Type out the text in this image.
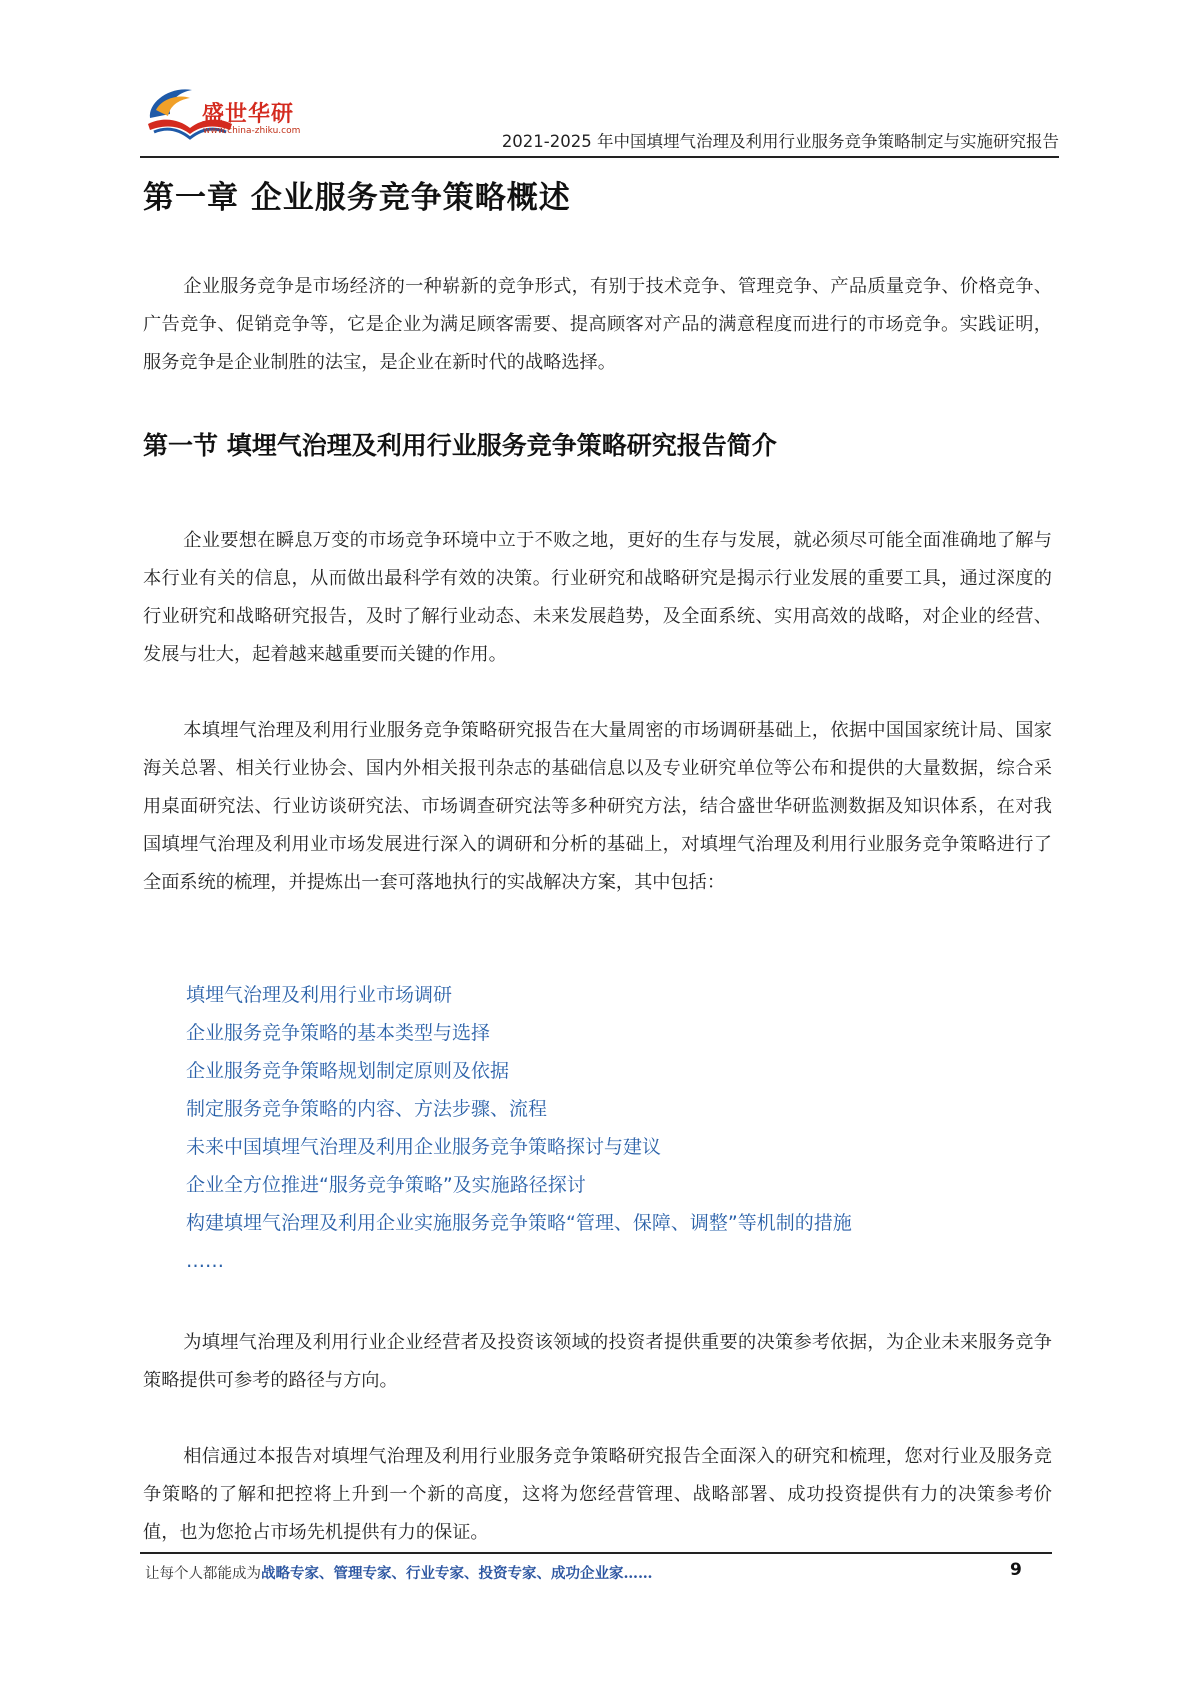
盛世华研
www.china-zhiku.com
2021-2025 年中国填埋气治理及利用行业服务竞争策略制定与实施研究报告
第一章 企业服务竞争策略概述

企业服务竞争是市场经济的一种崭新的竞争形式，有别于技术竞争、管理竞争、产品质量竞争、价格竞争、广告竞争、促销竞争等，它是企业为满足顾客需要、提高顾客对产品的满意程度而进行的市场竞争。实践证明，服务竞争是企业制胜的法宝，是企业在新时代的战略选择。

第一节 填埋气治理及利用行业服务竞争策略研究报告简介

企业要想在瞬息万变的市场竞争环境中立于不败之地，更好的生存与发展，就必须尽可能全面准确地了解与本行业有关的信息，从而做出最科学有效的决策。行业研究和战略研究是揭示行业发展的重要工具，通过深度的行业研究和战略研究报告，及时了解行业动态、未来发展趋势，及全面系统、实用高效的战略，对企业的经营、发展与壮大，起着越来越重要而关键的作用。

本填埋气治理及利用行业服务竞争策略研究报告在大量周密的市场调研基础上，依据中国国家统计局、国家海关总署、相关行业协会、国内外相关报刊杂志的基础信息以及专业研究单位等公布和提供的大量数据，综合采用桌面研究法、行业访谈研究法、市场调查研究法等多种研究方法，结合盛世华研监测数据及知识体系，在对我国填埋气治理及利用业市场发展进行深入的调研和分析的基础上，对填埋气治理及利用行业服务竞争策略进行了全面系统的梳理，并提炼出一套可落地执行的实战解决方案，其中包括：

填埋气治理及利用行业市场调研
企业服务竞争策略的基本类型与选择
企业服务竞争策略规划制定原则及依据
制定服务竞争策略的内容、方法步骤、流程
未来中国填埋气治理及利用企业服务竞争策略探讨与建议
企业全方位推进“服务竞争策略”及实施路径探讨
构建填埋气治理及利用企业实施服务竞争策略“管理、保障、调整”等机制的措施
……

为填埋气治理及利用行业企业经营者及投资该领域的投资者提供重要的决策参考依据，为企业未来服务竞争策略提供可参考的路径与方向。

相信通过本报告对填埋气治理及利用行业服务竞争策略研究报告全面深入的研究和梳理，您对行业及服务竞争策略的了解和把控将上升到一个新的高度，这将为您经营管理、战略部署、成功投资提供有力的决策参考价值，也为您抢占市场先机提供有力的保证。

让每个人都能成为战略专家、管理专家、行业专家、投资专家、成功企业家……	9
